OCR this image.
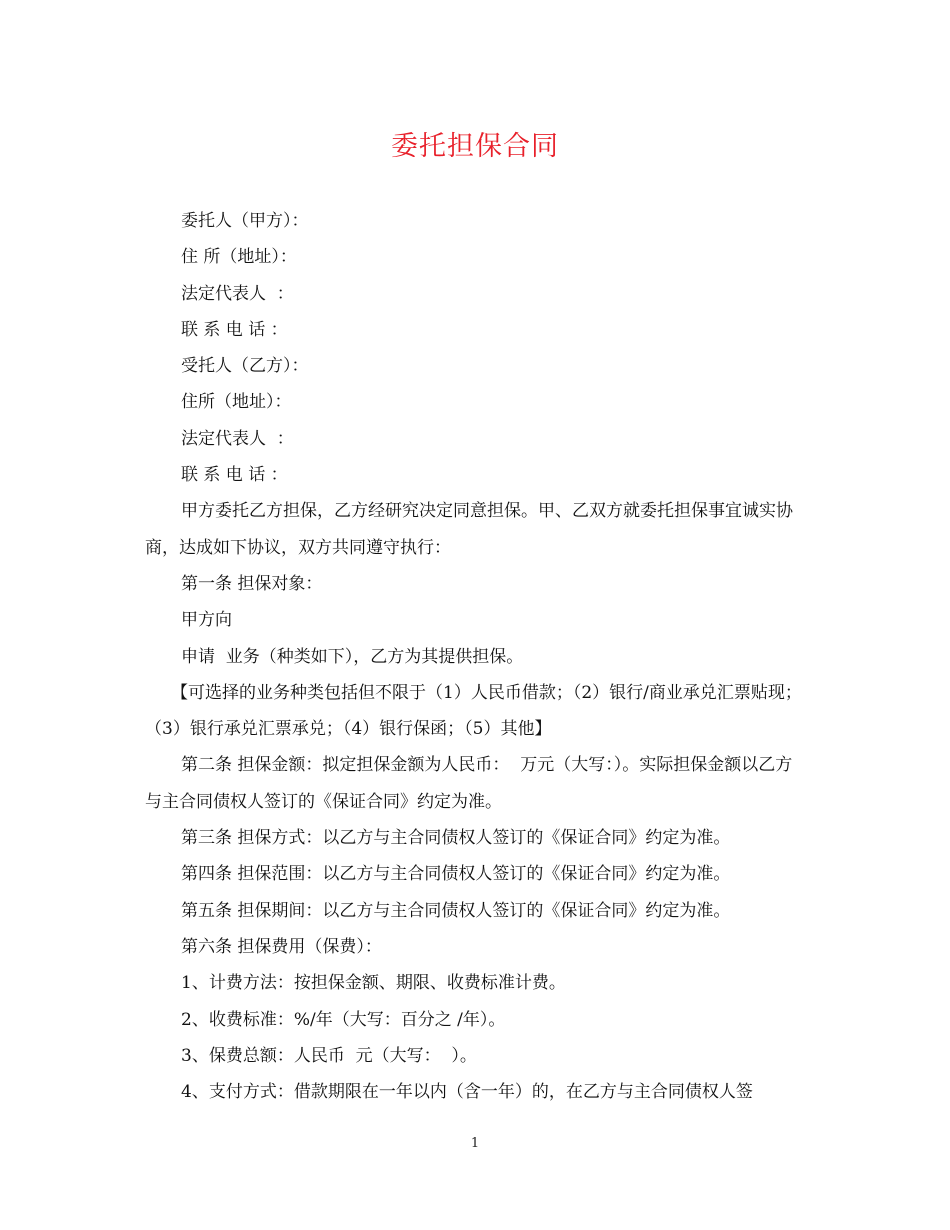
委托担保合同

委托人（甲方）：

住 所（地址）：

法定代表人  ：

联 系 电 话 ：

受托人（乙方）：

住所（地址）：

法定代表人  ：

联 系 电 话 ：

甲方委托乙方担保，乙方经研究决定同意担保。甲、乙双方就委托担保事宜诚实协商，达成如下协议，双方共同遵守执行：

第一条 担保对象：

甲方向

申请  业务（种类如下），乙方为其提供担保。

【可选择的业务种类包括但不限于（1）人民币借款；（2）银行/商业承兑汇票贴现；（3）银行承兑汇票承兑；（4）银行保函；（5）其他】

第二条 担保金额：拟定担保金额为人民币：  万元（大写：）。实际担保金额以乙方与主合同债权人签订的《保证合同》约定为准。

第三条 担保方式：以乙方与主合同债权人签订的《保证合同》约定为准。

第四条 担保范围：以乙方与主合同债权人签订的《保证合同》约定为准。

第五条 担保期间：以乙方与主合同债权人签订的《保证合同》约定为准。

第六条 担保费用（保费）：

1、计费方法：按担保金额、期限、收费标准计费。

2、收费标准：%/年（大写：百分之 /年）。

3、保费总额：人民币  元（大写：  ）。

4、支付方式：借款期限在一年以内（含一年）的，在乙方与主合同债权人签

1
